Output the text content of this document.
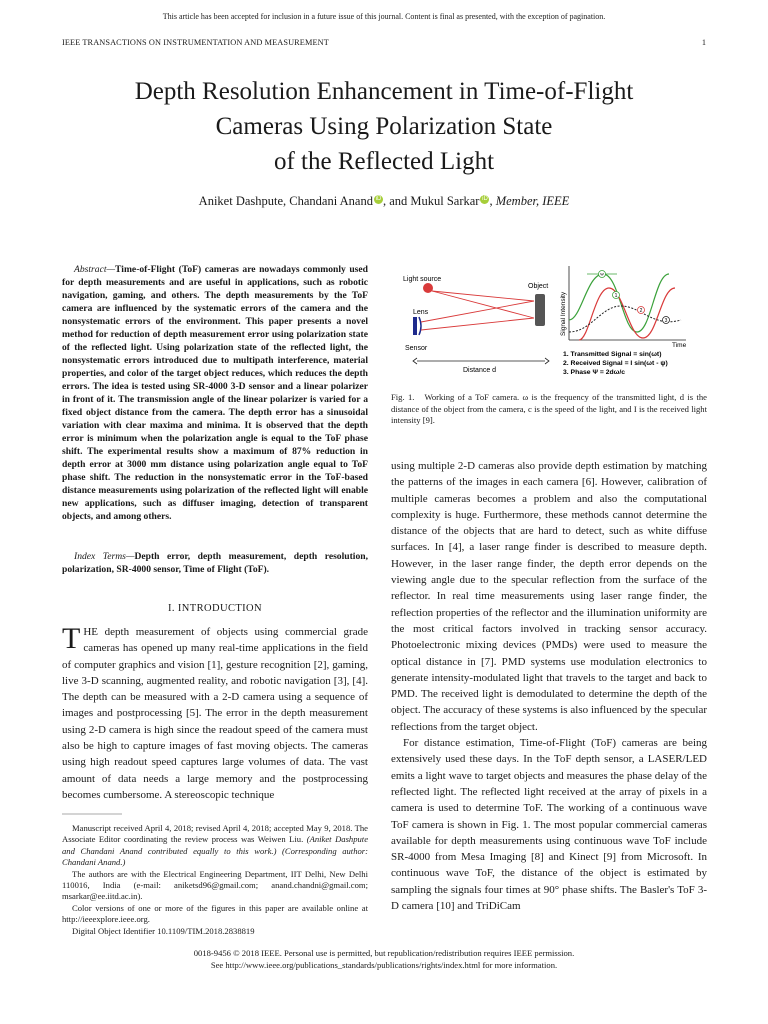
This article has been accepted for inclusion in a future issue of this journal. Content is final as presented, with the exception of pagination.
IEEE TRANSACTIONS ON INSTRUMENTATION AND MEASUREMENT	1
Depth Resolution Enhancement in Time-of-Flight
Cameras Using Polarization State
of the Reflected Light
Aniket Dashpute, Chandani Anand iD , and Mukul Sarkar iD , Member, IEEE

Abstract—Time-of-Flight (ToF) cameras are nowadays commonly used for depth measurements and are useful in applications, such as robotic navigation, gaming, and others. The depth measurements by the ToF camera are influenced by the systematic errors of the camera and the nonsystematic errors of the environment. This paper presents a novel method for reduction of depth measurement error using polarization state of the reflected light. Using polarization state of the reflected light, the nonsystematic errors introduced due to multipath interference, material properties, and color of the target object reduces, which reduces the depth errors. The idea is tested using SR-4000 3-D sensor and a linear polarizer in front of it. The transmission angle of the linear polarizer is varied for a fixed object distance from the camera. The depth error has a sinusoidal variation with clear maxima and minima. It is observed that the depth error is minimum when the polarization angle is equal to the ToF phase shift. The experimental results show a maximum of 87% reduction in depth error at 3000 mm distance using polarization angle equal to ToF phase shift. The reduction in the nonsystematic error in the ToF-based distance measurements using polarization of the reflected light will enable new applications, such as diffuser imaging, detection of transparent objects, and among others.

Index Terms—Depth error, depth measurement, depth resolution, polarization, SR-4000 sensor, Time of Flight (ToF).

I. INTRODUCTION

THE depth measurement of objects using commercial grade cameras has opened up many real-time applications in the field of computer graphics and vision [1], gesture recognition [2], gaming, live 3-D scanning, augmented reality, and robotic navigation [3], [4]. The depth can be measured with a 2-D camera using a sequence of images and postprocessing [5]. The error in the depth measurement using 2-D camera is high since the readout speed of the camera must also be high to capture images of fast moving objects. The cameras using high readout speed captures large volumes of data. The vast amount of data needs a large memory and the postprocessing becomes cumbersome. A stereoscopic technique

Manuscript received April 4, 2018; revised April 4, 2018; accepted May 9, 2018. The Associate Editor coordinating the review process was Weiwen Liu. (Aniket Dashpute and Chandani Anand contributed equally to this work.) (Corresponding author: Chandani Anand.)

The authors are with the Electrical Engineering Department, IIT Delhi, New Delhi 110016, India (e-mail: aniketsd96@gmail.com; anand.chandni@gmail.com; msarkar@ee.iitd.ac.in).

Color versions of one or more of the figures in this paper are available online at http://ieeexplore.ieee.org.

Digital Object Identifier 10.1109/TIM.2018.2838819

0018-9456 © 2018 IEEE. Personal use is permitted, but republication/redistribution requires IEEE permission.
See http://www.ieee.org/publications_standards/publications/rights/index.html for more information.
Light source
Lens
Sensor
Object
Distance d
Signal Intensity
Time
Ψ
1
2
3
1. Transmitted Signal = sin(ωt)
2. Received Signal = I sin(ωt - ψ)
3. Phase Ψ = 2dω/c

Fig. 1. Working of a ToF camera. ω is the frequency of the transmitted light, d is the distance of the object from the camera, c is the speed of the light, and I is the received light intensity [9].

using multiple 2-D cameras also provide depth estimation by matching the patterns of the images in each camera [6]. However, calibration of multiple cameras becomes a problem and also the computational complexity is huge. Furthermore, these methods cannot determine the distance of the objects that are hard to detect, such as white diffuse surfaces. In [4], a laser range finder is described to measure depth. However, in the laser range finder, the depth error depends on the viewing angle due to the specular reflection from the surface of the reflector. In real time measurements using laser range finder, the reflection properties of the reflector and the illumination uniformity are the most critical factors involved in tracking sensor accuracy. Photoelectronic mixing devices (PMDs) were used to measure the optical distance in [7]. PMD systems use modulation electronics to generate intensity-modulated light that travels to the target and back to PMD. The received light is demodulated to determine the depth of the object. The accuracy of these systems is also influenced by the specular reflections from the target object.

For distance estimation, Time-of-Flight (ToF) cameras are being extensively used these days. In the ToF depth sensor, a LASER/LED emits a light wave to target objects and measures the phase delay of the reflected light. The reflected light received at the array of pixels in a camera is used to determine ToF. The working of a continuous wave ToF camera is shown in Fig. 1. The most popular commercial cameras available for depth measurements using continuous wave ToF include SR-4000 from Mesa Imaging [8] and Kinect [9] from Microsoft. In continuous wave ToF, the distance of the object is estimated by sampling the signals four times at 90° phase shifts. The Basler's ToF 3-D camera [10] and TriDiCam
